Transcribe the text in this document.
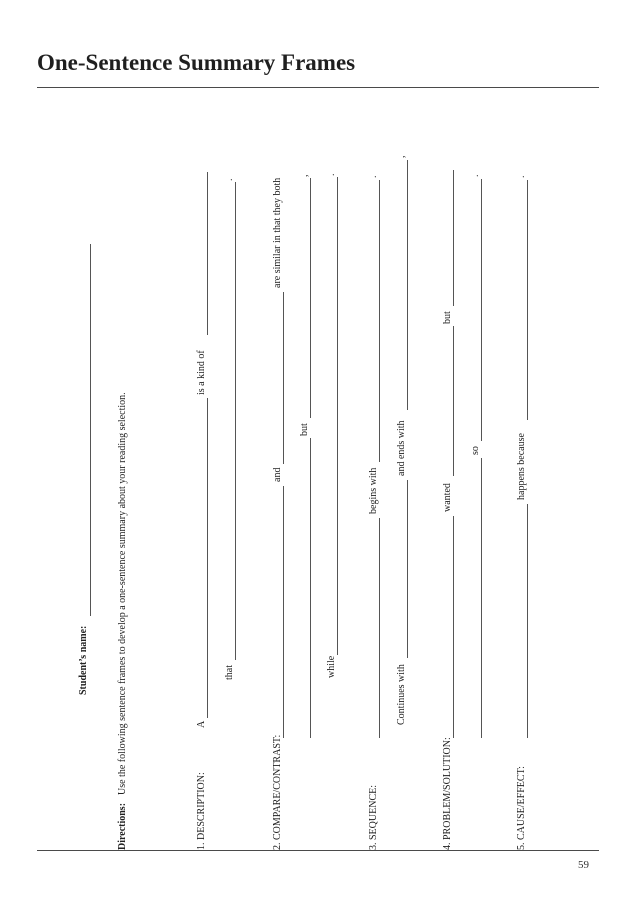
One-Sentence Summary Frames
Student’s name:
Directions:
Use the following sentence frames to develop a one-sentence summary about your reading selection.
1. DESCRIPTION:
A
is a kind of
that
.
2. COMPARE/CONTRAST:
and
are similar in that they both
but
,
while
.
3. SEQUENCE:
begins with
.
Continues with
and ends with
,
4. PROBLEM/SOLUTION:
wanted
but
so
.
5. CAUSE/EFFECT:
happens because
.
59
